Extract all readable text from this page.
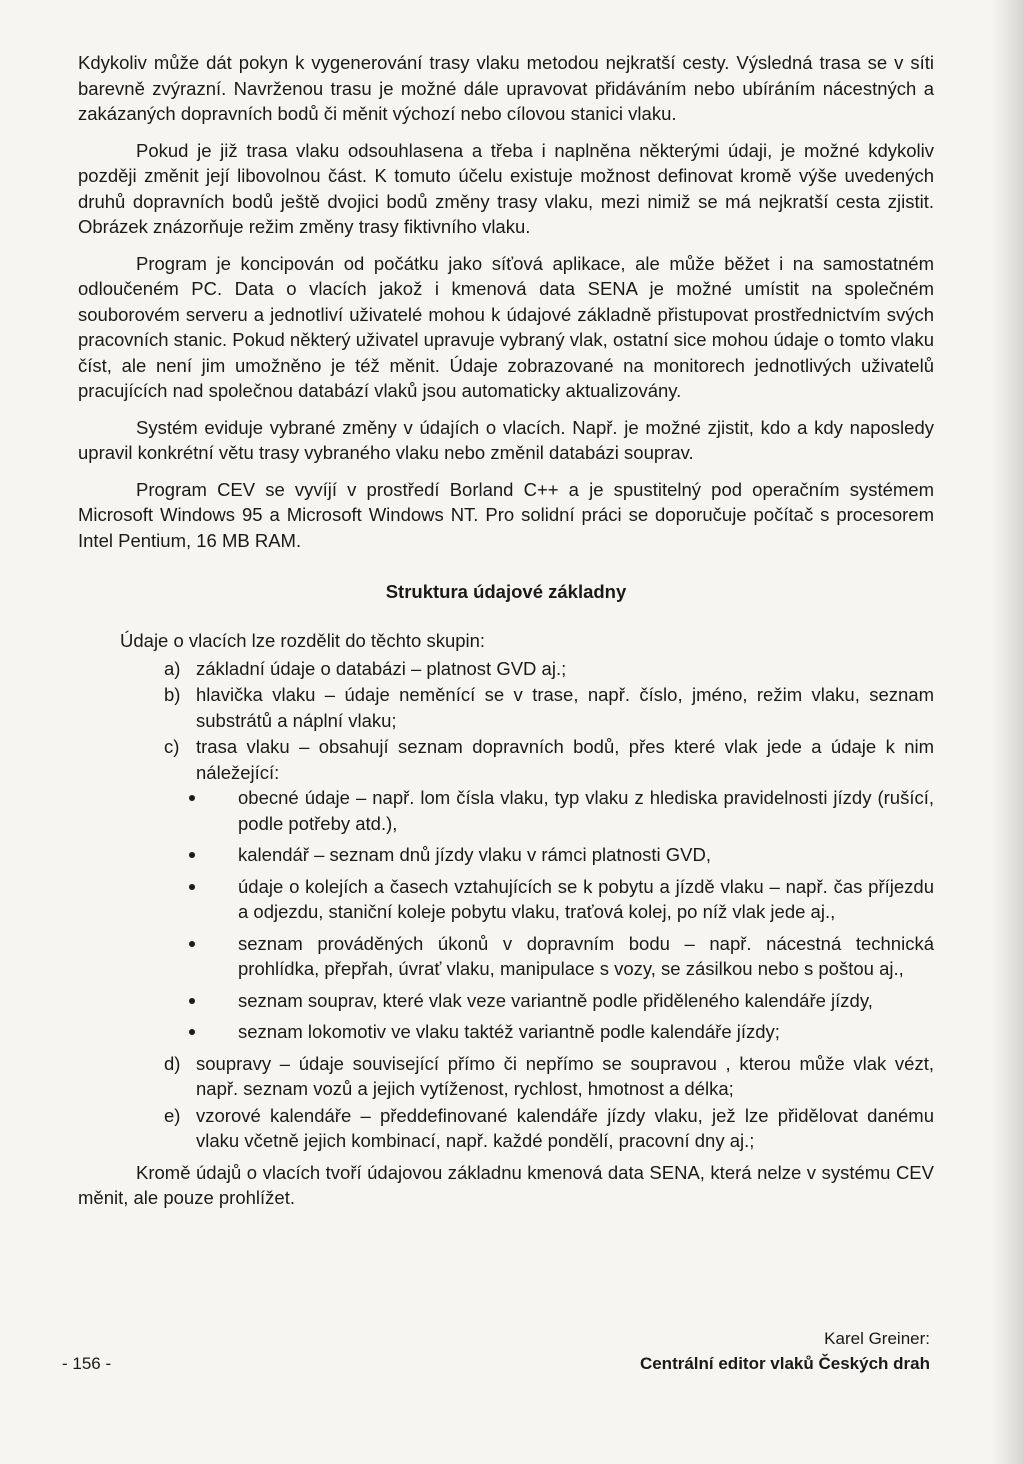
Kdykoliv může dát pokyn k vygenerování trasy vlaku metodou nejkratší cesty. Výsledná trasa se v síti barevně zvýrazní. Navrženou trasu je možné dále upravovat přidáváním nebo ubíráním nácestných a zakázaných dopravních bodů či měnit výchozí nebo cílovou stanici vlaku.

Pokud je již trasa vlaku odsouhlasena a třeba i naplněna některými údaji, je možné kdykoliv později změnit její libovolnou část. K tomuto účelu existuje možnost definovat kromě výše uvedených druhů dopravních bodů ještě dvojici bodů změny trasy vlaku, mezi nimiž se má nejkratší cesta zjistit. Obrázek znázorňuje režim změny trasy fiktivního vlaku.

Program je koncipován od počátku jako síťová aplikace, ale může běžet i na samostatném odloučeném PC. Data o vlacích jakož i kmenová data SENA je možné umístit na společném souborovém serveru a jednotliví uživatelé mohou k údajové základně přistupovat prostřednictvím svých pracovních stanic. Pokud některý uživatel upravuje vybraný vlak, ostatní sice mohou údaje o tomto vlaku číst, ale není jim umožněno je též měnit. Údaje zobrazované na monitorech jednotlivých uživatelů pracujících nad společnou databází vlaků jsou automaticky aktualizovány.

Systém eviduje vybrané změny v údajích o vlacích. Např. je možné zjistit, kdo a kdy naposledy upravil konkrétní větu trasy vybraného vlaku nebo změnil databázi souprav.

Program CEV se vyvíjí v prostředí Borland C++ a je spustitelný pod operačním systémem Microsoft Windows 95 a Microsoft Windows NT. Pro solidní práci se doporučuje počítač s procesorem Intel Pentium, 16 MB RAM.

Struktura údajové základny

Údaje o vlacích lze rozdělit do těchto skupin:

a) základní údaje o databázi – platnost GVD aj.;
b) hlavička vlaku – údaje neměnící se v trase, např. číslo, jméno, režim vlaku, seznam substrátů a náplní vlaku;
c) trasa vlaku – obsahují seznam dopravních bodů, přes které vlak jede a údaje k nim náležející:
obecné údaje – např. lom čísla vlaku, typ vlaku z hlediska pravidelnosti jízdy (rušící, podle potřeby atd.),
kalendář – seznam dnů jízdy vlaku v rámci platnosti GVD,
údaje o kolejích a časech vztahujících se k pobytu a jízdě vlaku – např. čas příjezdu a odjezdu, staniční koleje pobytu vlaku, traťová kolej, po níž vlak jede aj.,
seznam prováděných úkonů v dopravním bodu – např. nácestná technická prohlídka, přepřah, úvrať vlaku, manipulace s vozy, se zásilkou nebo s poštou aj.,
seznam souprav, které vlak veze variantně podle přiděleného kalendáře jízdy,
seznam lokomotiv ve vlaku taktéž variantně podle kalendáře jízdy;
d) soupravy – údaje související přímo či nepřímo se soupravou , kterou může vlak vézt, např. seznam vozů a jejich vytíženost, rychlost, hmotnost a délka;
e) vzorové kalendáře – předdefinované kalendáře jízdy vlaku, jež lze přidělovat danému vlaku včetně jejich kombinací, např. každé pondělí, pracovní dny aj.;

Kromě údajů o vlacích tvoří údajovou základnu kmenová data SENA, která nelze v systému CEV měnit, ale pouze prohlížet.

Karel Greiner:
- 156 -	Centrální editor vlaků Českých drah
